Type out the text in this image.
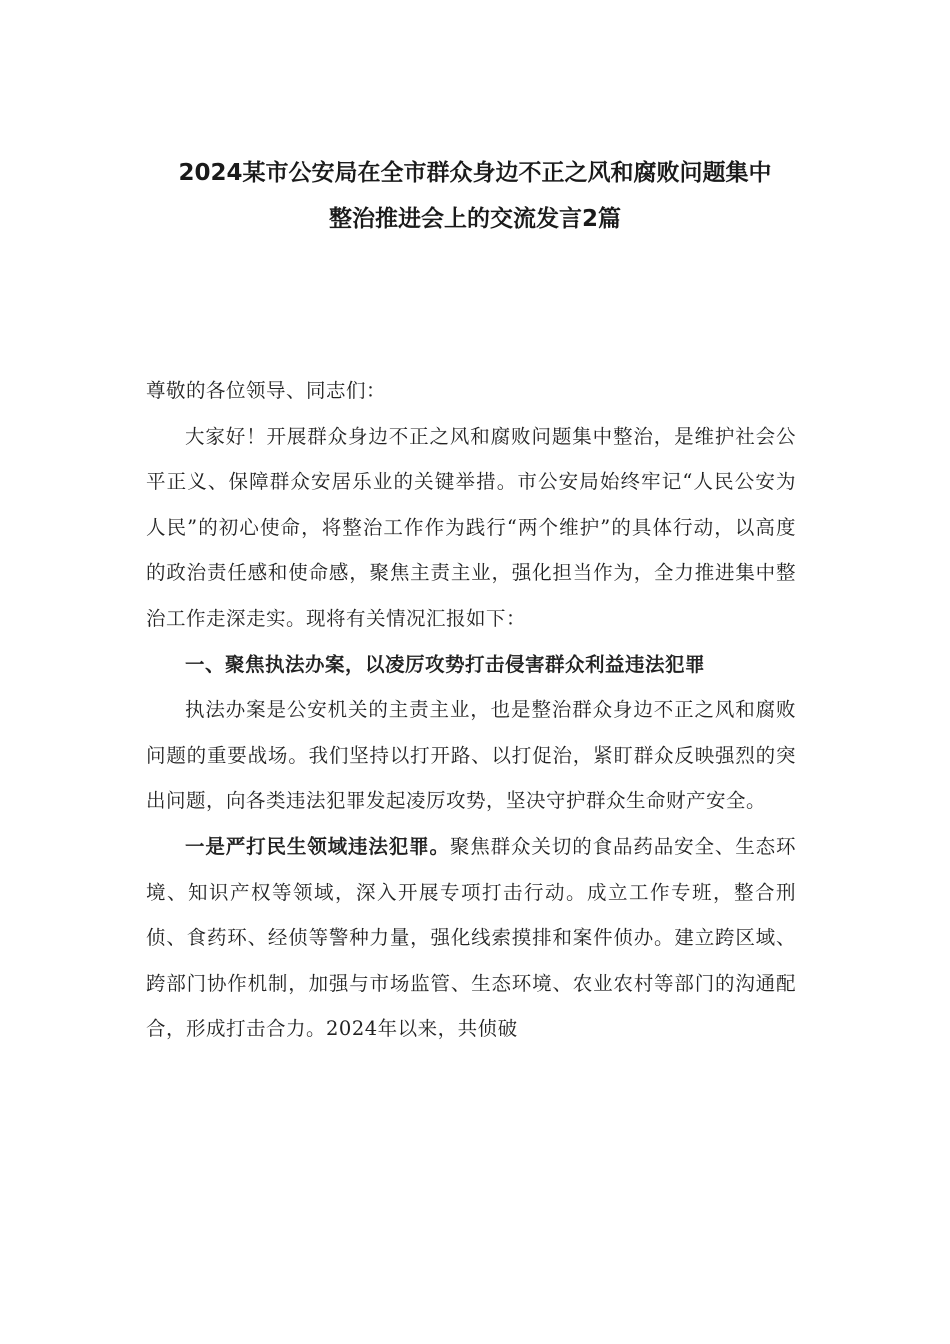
2024某市公安局在全市群众身边不正之风和腐败问题集中
整治推进会上的交流发言2篇

尊敬的各位领导、同志们：

大家好！开展群众身边不正之风和腐败问题集中整治，是维护社会公平正义、保障群众安居乐业的关键举措。市公安局始终牢记“人民公安为人民”的初心使命，将整治工作作为践行“两个维护”的具体行动，以高度的政治责任感和使命感，聚焦主责主业，强化担当作为，全力推进集中整治工作走深走实。现将有关情况汇报如下：

一、聚焦执法办案，以凌厉攻势打击侵害群众利益违法犯罪

执法办案是公安机关的主责主业，也是整治群众身边不正之风和腐败问题的重要战场。我们坚持以打开路、以打促治，紧盯群众反映强烈的突出问题，向各类违法犯罪发起凌厉攻势，坚决守护群众生命财产安全。

一是严打民生领域违法犯罪。聚焦群众关切的食品药品安全、生态环境、知识产权等领域，深入开展专项打击行动。成立工作专班，整合刑侦、食药环、经侦等警种力量，强化线索摸排和案件侦办。建立跨区域、跨部门协作机制，加强与市场监管、生态环境、农业农村等部门的沟通配合，形成打击合力。2024年以来，共侦破
